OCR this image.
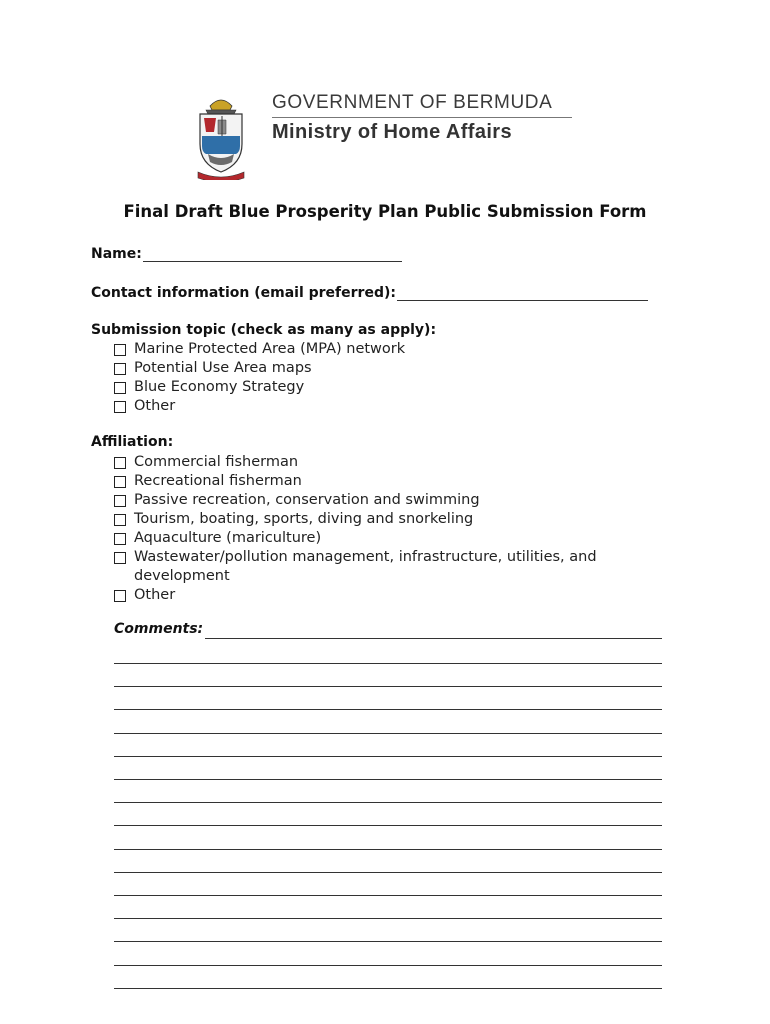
GOVERNMENT OF BERMUDA
Ministry of Home Affairs
Final Draft Blue Prosperity Plan Public Submission Form
Name:
Contact information (email preferred):
Submission topic (check as many as apply):
Marine Protected Area (MPA) network
Potential Use Area maps
Blue Economy Strategy
Other
Affiliation:
Commercial fisherman
Recreational fisherman
Passive recreation, conservation and swimming
Tourism, boating, sports, diving and snorkeling
Aquaculture (mariculture)
Wastewater/pollution management, infrastructure, utilities, and development
Other
Comments:
